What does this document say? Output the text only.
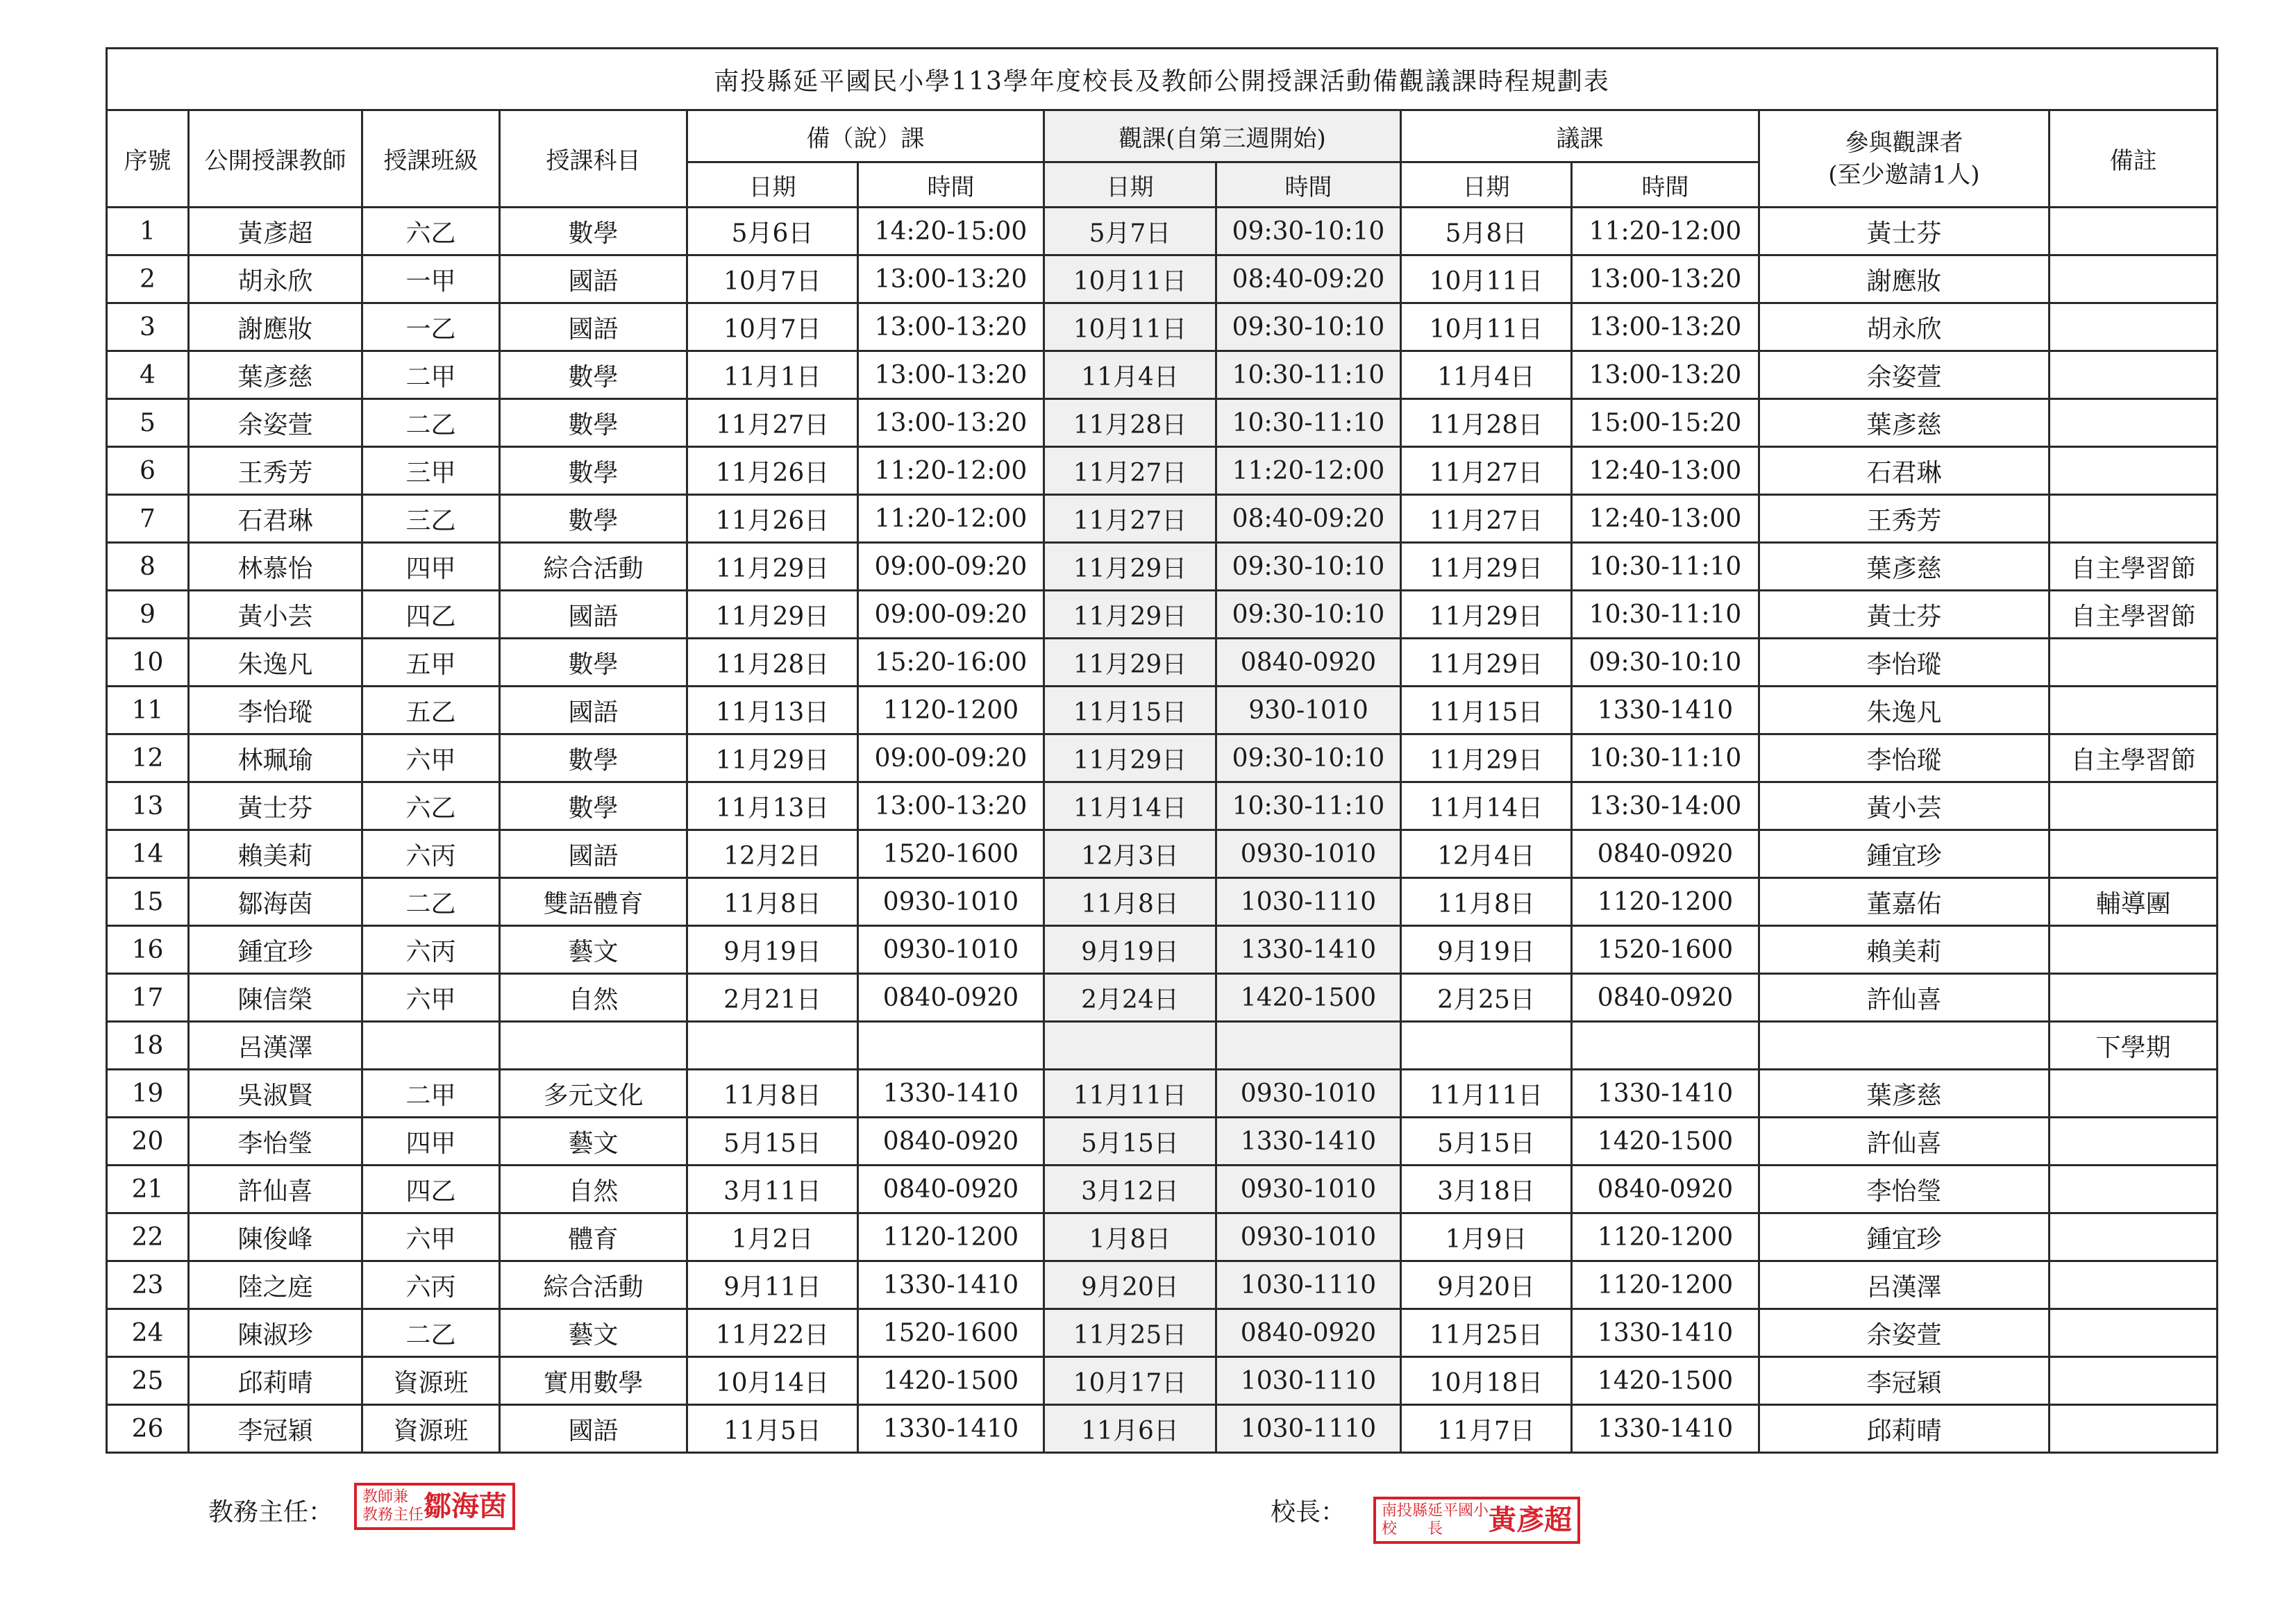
南投縣延平國民小學113學年度校長及教師公開授課活動備觀議課時程規劃表											
序號	公開授課教師	授課班級	授課科目	備（說）課		觀課(自第三週開始)		議課		參與觀課者
(至少邀請1人)	備註
				日期	時間	日期	時間	日期	時間		
1	黃彥超	六乙	數學	5月6日	14:20-15:00	5月7日	09:30-10:10	5月8日	11:20-12:00	黃士芬	
2	胡永欣	一甲	國語	10月7日	13:00-13:20	10月11日	08:40-09:20	10月11日	13:00-13:20	謝應妝	
3	謝應妝	一乙	國語	10月7日	13:00-13:20	10月11日	09:30-10:10	10月11日	13:00-13:20	胡永欣	
4	葉彥慈	二甲	數學	11月1日	13:00-13:20	11月4日	10:30-11:10	11月4日	13:00-13:20	余姿萱	
5	余姿萱	二乙	數學	11月27日	13:00-13:20	11月28日	10:30-11:10	11月28日	15:00-15:20	葉彥慈	
6	王秀芳	三甲	數學	11月26日	11:20-12:00	11月27日	11:20-12:00	11月27日	12:40-13:00	石君琳	
7	石君琳	三乙	數學	11月26日	11:20-12:00	11月27日	08:40-09:20	11月27日	12:40-13:00	王秀芳	
8	林慕怡	四甲	綜合活動	11月29日	09:00-09:20	11月29日	09:30-10:10	11月29日	10:30-11:10	葉彥慈	自主學習節
9	黃小芸	四乙	國語	11月29日	09:00-09:20	11月29日	09:30-10:10	11月29日	10:30-11:10	黃士芬	自主學習節
10	朱逸凡	五甲	數學	11月28日	15:20-16:00	11月29日	0840-0920	11月29日	09:30-10:10	李怡瑽	
11	李怡瑽	五乙	國語	11月13日	1120-1200	11月15日	930-1010	11月15日	1330-1410	朱逸凡	
12	林珮瑜	六甲	數學	11月29日	09:00-09:20	11月29日	09:30-10:10	11月29日	10:30-11:10	李怡瑽	自主學習節
13	黃士芬	六乙	數學	11月13日	13:00-13:20	11月14日	10:30-11:10	11月14日	13:30-14:00	黃小芸	
14	賴美莉	六丙	國語	12月2日	1520-1600	12月3日	0930-1010	12月4日	0840-0920	鍾宜珍	
15	鄒海茵	二乙	雙語體育	11月8日	0930-1010	11月8日	1030-1110	11月8日	1120-1200	董嘉佑	輔導團
16	鍾宜珍	六丙	藝文	9月19日	0930-1010	9月19日	1330-1410	9月19日	1520-1600	賴美莉	
17	陳信榮	六甲	自然	2月21日	0840-0920	2月24日	1420-1500	2月25日	0840-0920	許仙喜	
18	呂漢澤										下學期
19	吳淑賢	二甲	多元文化	11月8日	1330-1410	11月11日	0930-1010	11月11日	1330-1410	葉彥慈	
20	李怡瑩	四甲	藝文	5月15日	0840-0920	5月15日	1330-1410	5月15日	1420-1500	許仙喜	
21	許仙喜	四乙	自然	3月11日	0840-0920	3月12日	0930-1010	3月18日	0840-0920	李怡瑩	
22	陳俊峰	六甲	體育	1月2日	1120-1200	1月8日	0930-1010	1月9日	1120-1200	鍾宜珍	
23	陸之庭	六丙	綜合活動	9月11日	1330-1410	9月20日	1030-1110	9月20日	1120-1200	呂漢澤	
24	陳淑珍	二乙	藝文	11月22日	1520-1600	11月25日	0840-0920	11月25日	1330-1410	余姿萱	
25	邱莉晴	資源班	實用數學	10月14日	1420-1500	10月17日	1030-1110	10月18日	1420-1500	李冠穎	
26	李冠穎	資源班	國語	11月5日	1330-1410	11月6日	1030-1110	11月7日	1330-1410	邱莉晴	
教務主任：
教師兼
教務主任鄒海茵	校長：	南投縣延平國小
校　　長 黃彥超
